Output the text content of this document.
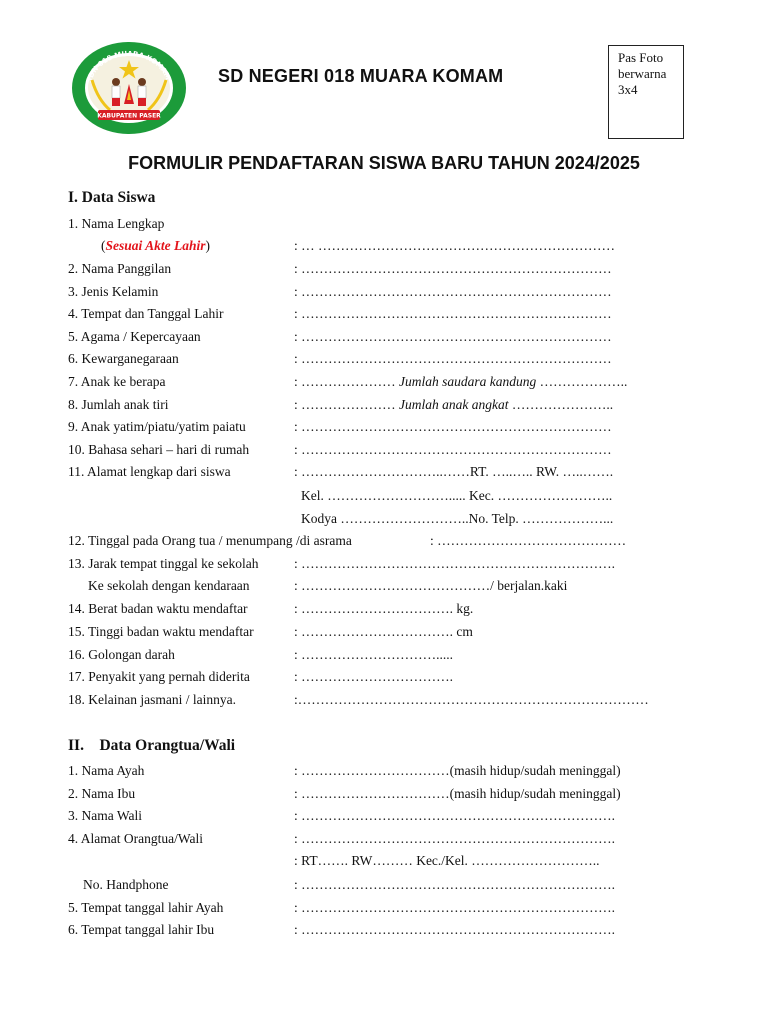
SDN 018 MUARA KOMAM
KABUPATEN PASER
SD NEGERI 018 MUARA KOMAM
Pas Foto
berwarna
3x4
FORMULIR PENDAFTARAN SISWA BARU TAHUN 2024/2025
I. Data Siswa
1. Nama Lengkap
(Sesuai Akte Lahir)	: … …………………………………………………………
2. Nama Panggilan	: ……………………………………………………………
3. Jenis Kelamin	: ……………………………………………………………
4. Tempat dan Tanggal Lahir	: ……………………………………………………………
5. Agama / Kepercayaan	: ……………………………………………………………
6. Kewarganegaraan	: ……………………………………………………………
7. Anak ke berapa	: ………………… Jumlah saudara kandung ………………..
8. Jumlah anak tiri	: ………………… Jumlah anak angkat …………………..
9. Anak yatim/piatu/yatim paiatu	: ……………………………………………………………
10. Bahasa sehari – hari di rumah	: ……………………………………………………………
11. Alamat lengkap dari siswa	: …………………………..……RT. …..….. RW. …..…….
Kel. ………………………..... Kec. ……………………..
Kodya ………………………..No. Telp. ………………...
12. Tinggal pada Orang tua / menumpang /di asrama	: ……………………………………
13. Jarak tempat tinggal ke sekolah	: …………………………………………………………….
Ke sekolah dengan kendaraan	: ……………………………………/ berjalan.kaki
14. Berat badan waktu mendaftar	: ……………………………. kg.
15. Tinggi badan waktu mendaftar	: ……………………………. cm
16. Golongan darah	: ………………………….....
17. Penyakit yang pernah diderita	: …………………………….
18. Kelainan jasmani / lainnya.	:……………………………………………………………………
II.    Data Orangtua/Wali
1. Nama Ayah	: ……………………………(masih hidup/sudah meninggal)
2. Nama Ibu	: ……………………………(masih hidup/sudah meninggal)
3. Nama Wali	: …………………………………………………………….
4. Alamat Orangtua/Wali	: …………………………………………………………….
: RT……. RW……… Kec./Kel. ………………………..
No. Handphone	: …………………………………………………………….
5. Tempat tanggal lahir Ayah	: …………………………………………………………….
6. Tempat tanggal lahir Ibu	: …………………………………………………………….
